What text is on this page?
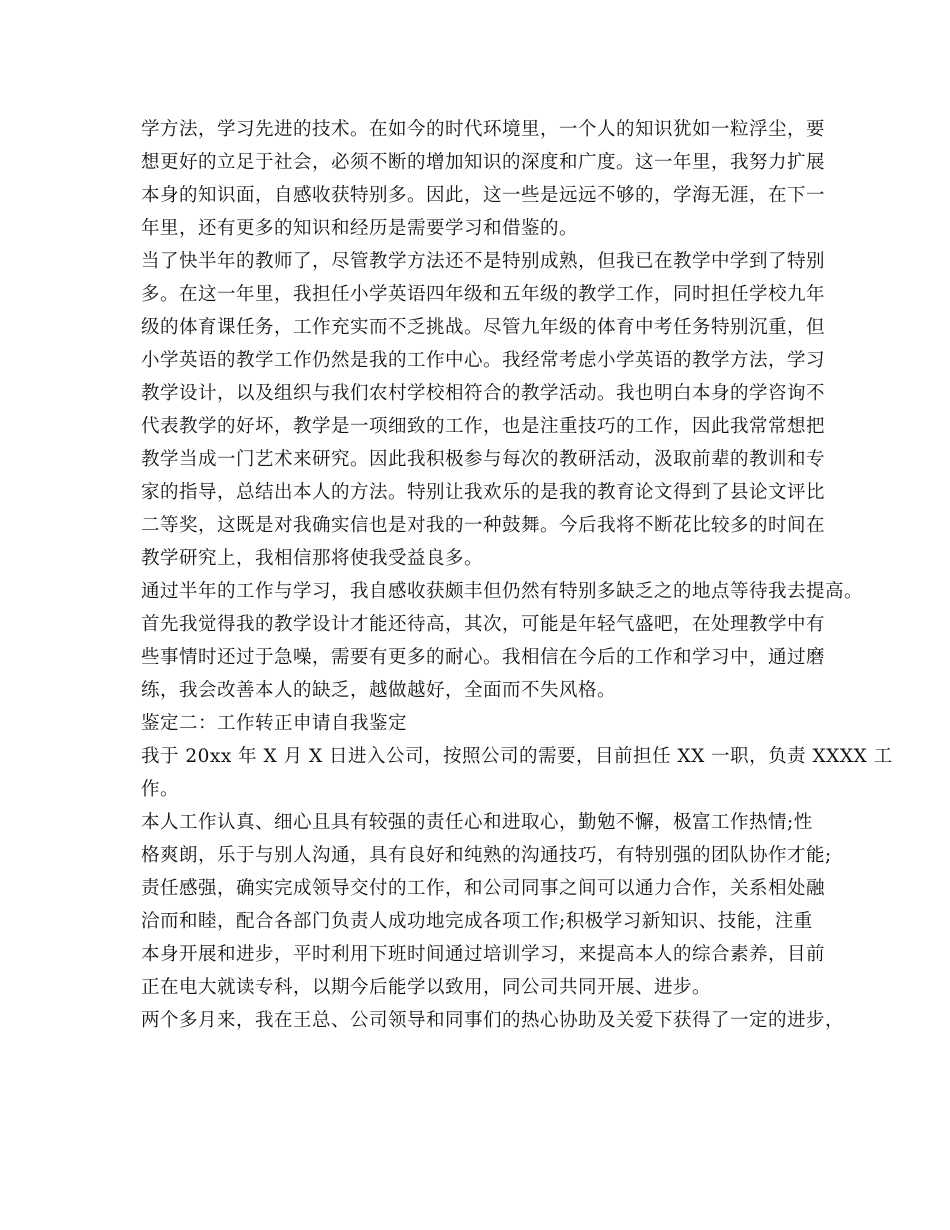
学方法，学习先进的技术。在如今的时代环境里，一个人的知识犹如一粒浮尘，要
想更好的立足于社会，必须不断的增加知识的深度和广度。这一年里，我努力扩展
本身的知识面，自感收获特别多。因此，这一些是远远不够的，学海无涯，在下一
年里，还有更多的知识和经历是需要学习和借鉴的。
当了快半年的教师了，尽管教学方法还不是特别成熟，但我已在教学中学到了特别
多。在这一年里，我担任小学英语四年级和五年级的教学工作，同时担任学校九年
级的体育课任务，工作充实而不乏挑战。尽管九年级的体育中考任务特别沉重，但
小学英语的教学工作仍然是我的工作中心。我经常考虑小学英语的教学方法，学习
教学设计，以及组织与我们农村学校相符合的教学活动。我也明白本身的学咨询不
代表教学的好坏，教学是一项细致的工作，也是注重技巧的工作，因此我常常想把
教学当成一门艺术来研究。因此我积极参与每次的教研活动，汲取前辈的教训和专
家的指导，总结出本人的方法。特别让我欢乐的是我的教育论文得到了县论文评比
二等奖，这既是对我确实信也是对我的一种鼓舞。今后我将不断花比较多的时间在
教学研究上，我相信那将使我受益良多。
通过半年的工作与学习，我自感收获颇丰但仍然有特别多缺乏之的地点等待我去提高。
首先我觉得我的教学设计才能还待高，其次，可能是年轻气盛吧，在处理教学中有
些事情时还过于急噪，需要有更多的耐心。我相信在今后的工作和学习中，通过磨
练，我会改善本人的缺乏，越做越好，全面而不失风格。
鉴定二：工作转正申请自我鉴定
我于 20xx 年 X 月 X 日进入公司，按照公司的需要，目前担任 XX 一职，负责 XXXX 工
作。
本人工作认真、细心且具有较强的责任心和进取心，勤勉不懈，极富工作热情;性
格爽朗，乐于与别人沟通，具有良好和纯熟的沟通技巧，有特别强的团队协作才能;
责任感强，确实完成领导交付的工作，和公司同事之间可以通力合作，关系相处融
洽而和睦，配合各部门负责人成功地完成各项工作;积极学习新知识、技能，注重
本身开展和进步，平时利用下班时间通过培训学习，来提高本人的综合素养，目前
正在电大就读专科，以期今后能学以致用，同公司共同开展、进步。
两个多月来，我在王总、公司领导和同事们的热心协助及关爱下获得了一定的进步，
